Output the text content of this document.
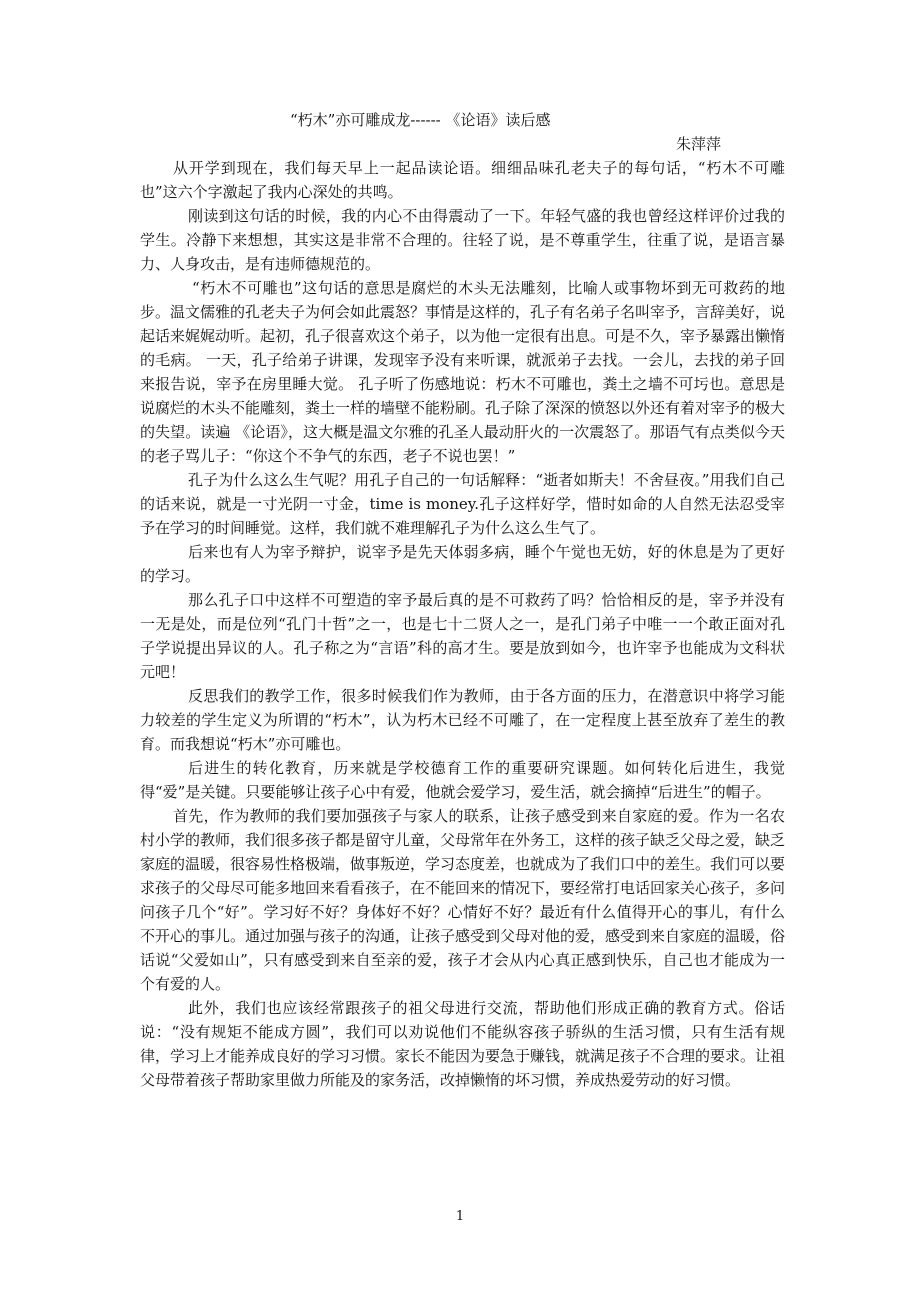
“朽木”亦可雕成龙------ 《论语》读后感
朱萍萍

从开学到现在，我们每天早上一起品读论语。细细品味孔老夫子的每句话，“朽木不可雕也”这六个字激起了我内心深处的共鸣。

刚读到这句话的时候，我的内心不由得震动了一下。年轻气盛的我也曾经这样评价过我的学生。冷静下来想想，其实这是非常不合理的。往轻了说，是不尊重学生，往重了说，是语言暴力、人身攻击，是有违师德规范的。

“朽木不可雕也”这句话的意思是腐烂的木头无法雕刻，比喻人或事物坏到无可救药的地步。温文儒雅的孔老夫子为何会如此震怒？事情是这样的，孔子有名弟子名叫宰予，言辞美好，说起话来娓娓动听。起初，孔子很喜欢这个弟子，以为他一定很有出息。可是不久，宰予暴露出懒惰的毛病。 一天，孔子给弟子讲课，发现宰予没有来听课，就派弟子去找。一会儿，去找的弟子回来报告说，宰予在房里睡大觉。 孔子听了伤感地说：朽木不可雕也，粪土之墙不可圬也。意思是说腐烂的木头不能雕刻，粪土一样的墙壁不能粉刷。孔子除了深深的愤怒以外还有着对宰予的极大的失望。读遍 《论语》，这大概是温文尔雅的孔圣人最动肝火的一次震怒了。那语气有点类似今天的老子骂儿子：“你这个不争气的东西，老子不说也罢！”

孔子为什么这么生气呢？用孔子自己的一句话解释：“逝者如斯夫！不舍昼夜。”用我们自己的话来说，就是一寸光阴一寸金，time is money.孔子这样好学，惜时如命的人自然无法忍受宰予在学习的时间睡觉。这样，我们就不难理解孔子为什么这么生气了。

后来也有人为宰予辩护，说宰予是先天体弱多病，睡个午觉也无妨，好的休息是为了更好的学习。

那么孔子口中这样不可塑造的宰予最后真的是不可救药了吗？恰恰相反的是，宰予并没有一无是处，而是位列“孔门十哲”之一，也是七十二贤人之一，是孔门弟子中唯一一个敢正面对孔子学说提出异议的人。孔子称之为“言语”科的高才生。要是放到如今，也许宰予也能成为文科状元吧！

反思我们的教学工作，很多时候我们作为教师，由于各方面的压力，在潜意识中将学习能力较差的学生定义为所谓的“朽木”，认为朽木已经不可雕了，在一定程度上甚至放弃了差生的教育。而我想说“朽木”亦可雕也。

后进生的转化教育，历来就是学校德育工作的重要研究课题。如何转化后进生，我觉得“爱”是关键。只要能够让孩子心中有爱，他就会爱学习，爱生活，就会摘掉“后进生”的帽子。

首先，作为教师的我们要加强孩子与家人的联系，让孩子感受到来自家庭的爱。作为一名农村小学的教师，我们很多孩子都是留守儿童，父母常年在外务工，这样的孩子缺乏父母之爱，缺乏家庭的温暖，很容易性格极端，做事叛逆，学习态度差，也就成为了我们口中的差生。我们可以要求孩子的父母尽可能多地回来看看孩子，在不能回来的情况下，要经常打电话回家关心孩子，多问问孩子几个“好”。学习好不好？身体好不好？心情好不好？最近有什么值得开心的事儿，有什么不开心的事儿。通过加强与孩子的沟通，让孩子感受到父母对他的爱，感受到来自家庭的温暖，俗话说“父爱如山”，只有感受到来自至亲的爱，孩子才会从内心真正感到快乐，自己也才能成为一个有爱的人。

此外，我们也应该经常跟孩子的祖父母进行交流，帮助他们形成正确的教育方式。俗话说：“没有规矩不能成方圆”，我们可以劝说他们不能纵容孩子骄纵的生活习惯，只有生活有规律，学习上才能养成良好的学习习惯。家长不能因为要急于赚钱，就满足孩子不合理的要求。让祖父母带着孩子帮助家里做力所能及的家务活，改掉懒惰的坏习惯，养成热爱劳动的好习惯。

1
